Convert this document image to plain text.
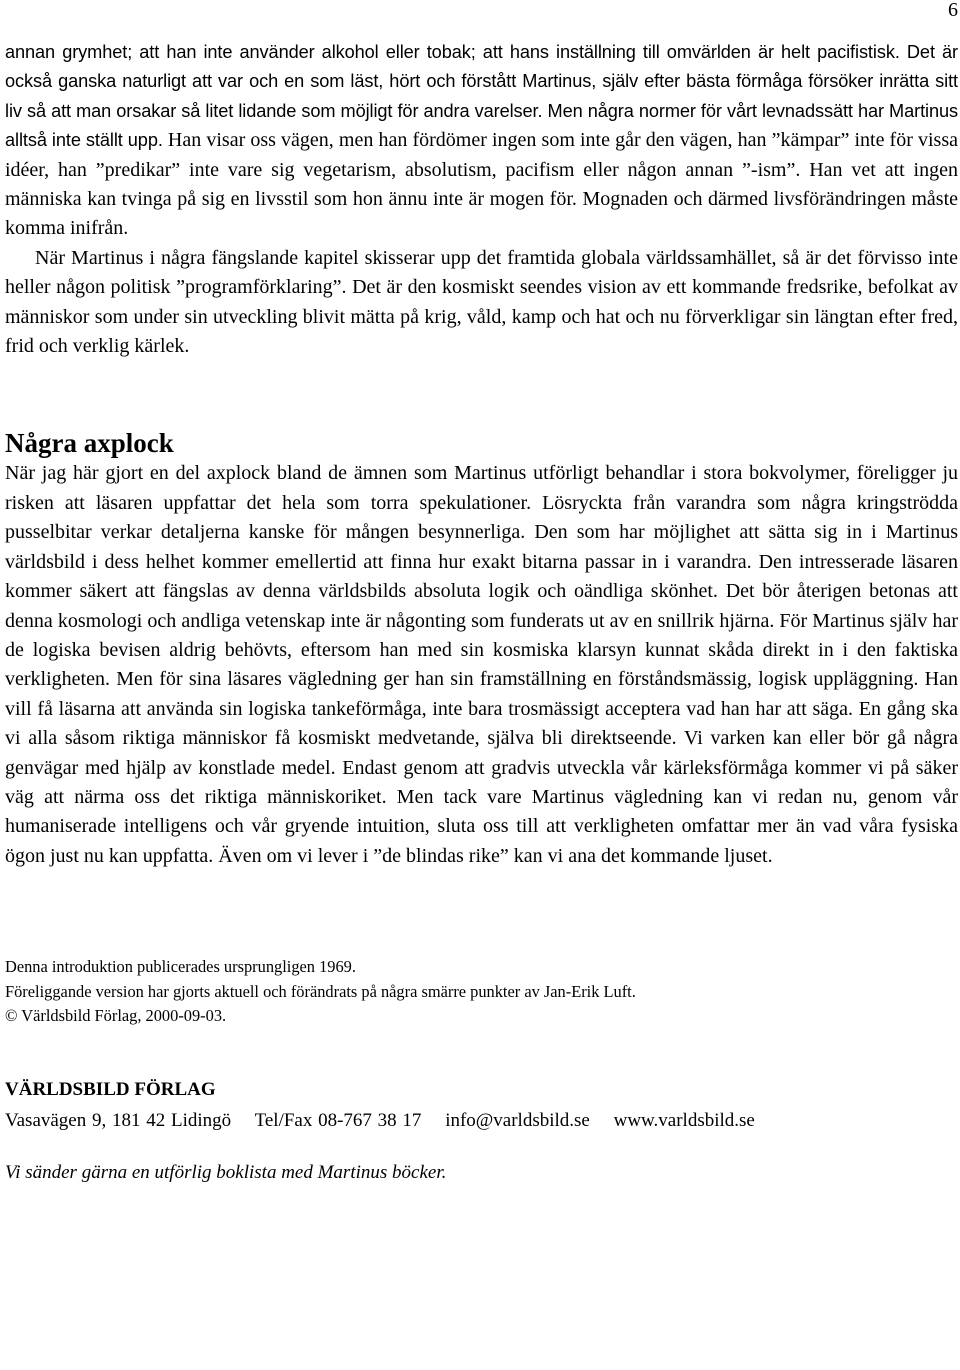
6

annan grymhet; att han inte använder alkohol eller tobak; att hans inställning till omvärlden är helt pacifistisk. Det är också ganska naturligt att var och en som läst, hört och förstått Martinus, själv efter bästa förmåga försöker inrätta sitt liv så att man orsakar så litet lidande som möjligt för andra varelser. Men några normer för vårt levnadssätt har Martinus alltså inte ställt upp. Han visar oss vägen, men han fördömer ingen som inte går den vägen, han ”kämpar” inte för vissa idéer, han ”predikar” inte vare sig vegetarism, absolutism, pacifism eller någon annan ”-ism”. Han vet att ingen människa kan tvinga på sig en livsstil som hon ännu inte är mogen för. Mognaden och därmed livsförändringen måste komma inifrån.

När Martinus i några fängslande kapitel skisserar upp det framtida globala världssamhället, så är det förvisso inte heller någon politisk ”programförklaring”. Det är den kosmiskt seendes vision av ett kommande fredsrike, befolkat av människor som under sin utveckling blivit mätta på krig, våld, kamp och hat och nu förverkligar sin längtan efter fred, frid och verklig kärlek.

Några axplock

När jag här gjort en del axplock bland de ämnen som Martinus utförligt behandlar i stora bokvolymer, föreligger ju risken att läsaren uppfattar det hela som torra spekulationer. Lösryckta från varandra som några kringströdda pusselbitar verkar detaljerna kanske för mången besynnerliga. Den som har möjlighet att sätta sig in i Martinus världsbild i dess helhet kommer emellertid att finna hur exakt bitarna passar in i varandra. Den intresserade läsaren kommer säkert att fängslas av denna världsbilds absoluta logik och oändliga skönhet. Det bör återigen betonas att denna kosmologi och andliga vetenskap inte är någonting som funderats ut av en snillrik hjärna. För Martinus själv har de logiska bevisen aldrig behövts, eftersom han med sin kosmiska klarsyn kunnat skåda direkt in i den faktiska verkligheten. Men för sina läsares vägledning ger han sin framställning en förståndsmässig, logisk uppläggning. Han vill få läsarna att använda sin logiska tankeförmåga, inte bara trosmässigt acceptera vad han har att säga. En gång ska vi alla såsom riktiga människor få kosmiskt medvetande, själva bli direktseende. Vi varken kan eller bör gå några genvägar med hjälp av konstlade medel. Endast genom att gradvis utveckla vår kärleksförmåga kommer vi på säker väg att närma oss det riktiga människoriket. Men tack vare Martinus vägledning kan vi redan nu, genom vår humaniserade intelligens och vår gryende intuition, sluta oss till att verkligheten omfattar mer än vad våra fysiska ögon just nu kan uppfatta. Även om vi lever i ”de blindas rike” kan vi ana det kommande ljuset.

Denna introduktion publicerades ursprungligen 1969.
Föreliggande version har gjorts aktuell och förändrats på några smärre punkter av Jan-Erik Luft.
© Världsbild Förlag, 2000-09-03.
VÄRLDSBILD FÖRLAG
Vasavägen 9, 181 42 Lidingö Tel/Fax 08-767 38 17 info@varldsbild.se www.varldsbild.se
Vi sänder gärna en utförlig boklista med Martinus böcker.
